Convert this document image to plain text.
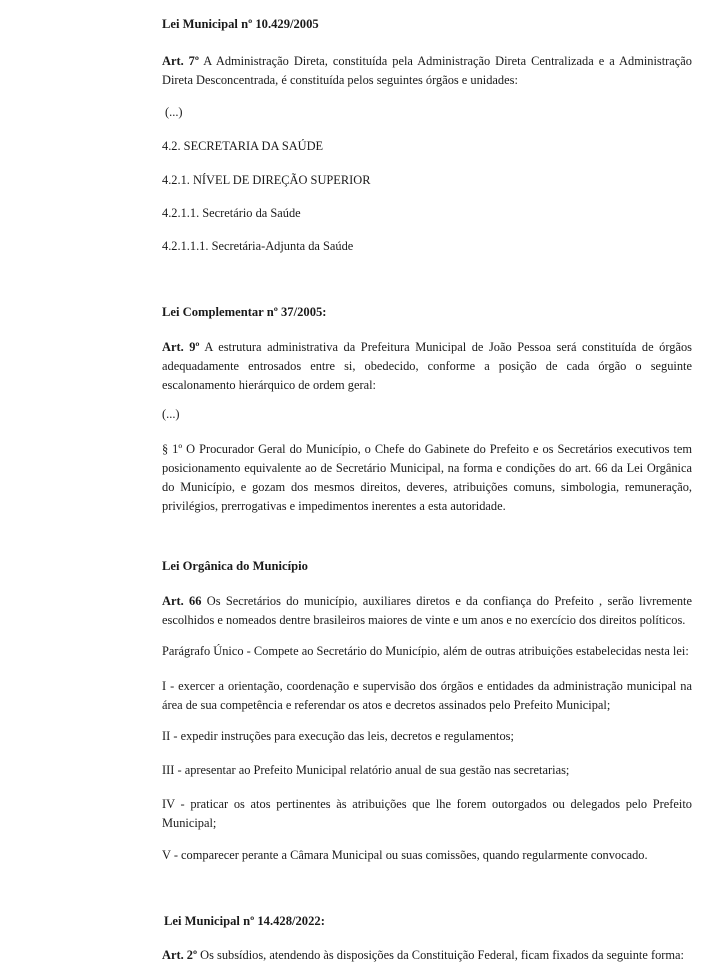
Lei Municipal nº 10.429/2005

Art. 7º A Administração Direta, constituída pela Administração Direta Centralizada e a Administração Direta Desconcentrada, é constituída pelos seguintes órgãos e unidades:

(...)

4.2. SECRETARIA DA SAÚDE

4.2.1. NÍVEL DE DIREÇÃO SUPERIOR

4.2.1.1. Secretário da Saúde

4.2.1.1.1. Secretária-Adjunta da Saúde

Lei Complementar nº 37/2005:

Art. 9º A estrutura administrativa da Prefeitura Municipal de João Pessoa será constituída de órgãos adequadamente entrosados entre si, obedecido, conforme a posição de cada órgão o seguinte escalonamento hierárquico de ordem geral:

(...)

§ 1º O Procurador Geral do Município, o Chefe do Gabinete do Prefeito e os Secretários executivos tem posicionamento equivalente ao de Secretário Municipal, na forma e condições do art. 66 da Lei Orgânica do Município, e gozam dos mesmos direitos, deveres, atribuições comuns, simbologia, remuneração, privilégios, prerrogativas e impedimentos inerentes a esta autoridade.

Lei Orgânica do Município

Art. 66 Os Secretários do município, auxiliares diretos e da confiança do Prefeito , serão livremente escolhidos e nomeados dentre brasileiros maiores de vinte e um anos e no exercício dos direitos políticos.

Parágrafo Único - Compete ao Secretário do Município, além de outras atribuições estabelecidas nesta lei:

I - exercer a orientação, coordenação e supervisão dos órgãos e entidades da administração municipal na área de sua competência e referendar os atos e decretos assinados pelo Prefeito Municipal;

II - expedir instruções para execução das leis, decretos e regulamentos;

III - apresentar ao Prefeito Municipal relatório anual de sua gestão nas secretarias;

IV - praticar os atos pertinentes às atribuições que lhe forem outorgados ou delegados pelo Prefeito Municipal;

V - comparecer perante a Câmara Municipal ou suas comissões, quando regularmente convocado.

Lei Municipal nº 14.428/2022:

Art. 2º Os subsídios, atendendo às disposições da Constituição Federal, ficam fixados da seguinte forma:
